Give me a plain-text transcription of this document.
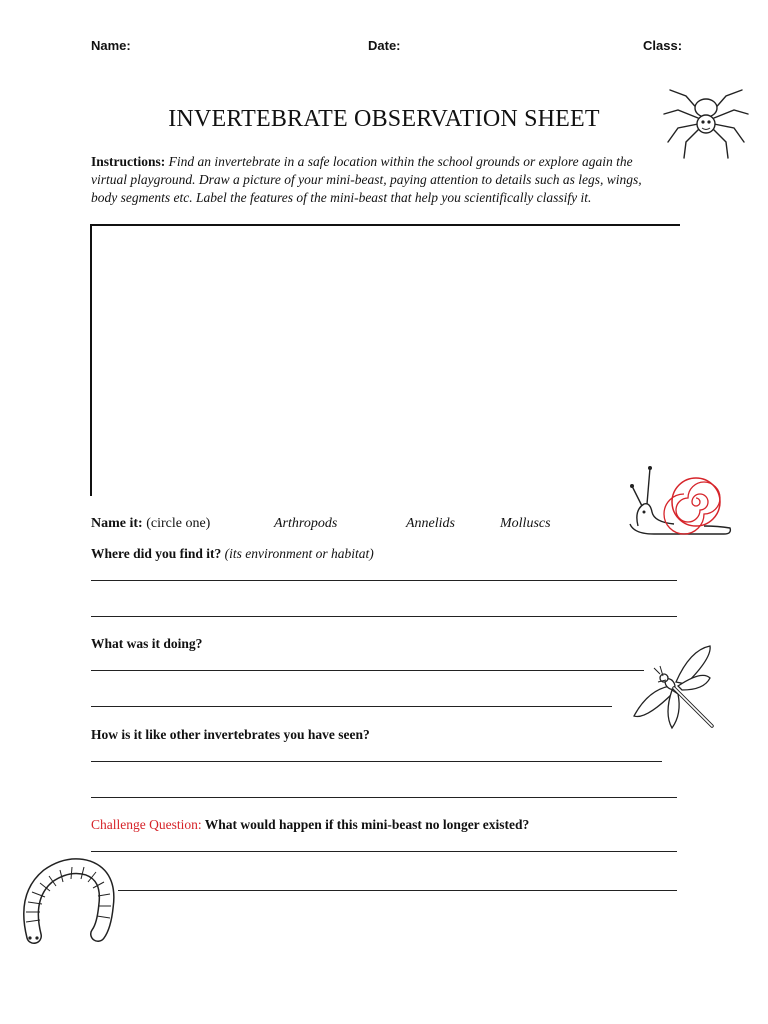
Name:	Date:	Class:
INVERTEBRATE OBSERVATION SHEET
Instructions: Find an invertebrate in a safe location within the school grounds or explore again the virtual playground. Draw a picture of your mini-beast, paying attention to details such as legs, wings, body segments etc. Label the features of the mini-beast that help you scientifically classify it.
Name it: (circle one)	Arthropods	Annelids	Molluscs
Where did you find it? (its environment or habitat)
What was it doing?
How is it like other invertebrates you have seen?
Challenge Question: What would happen if this mini-beast no longer existed?
